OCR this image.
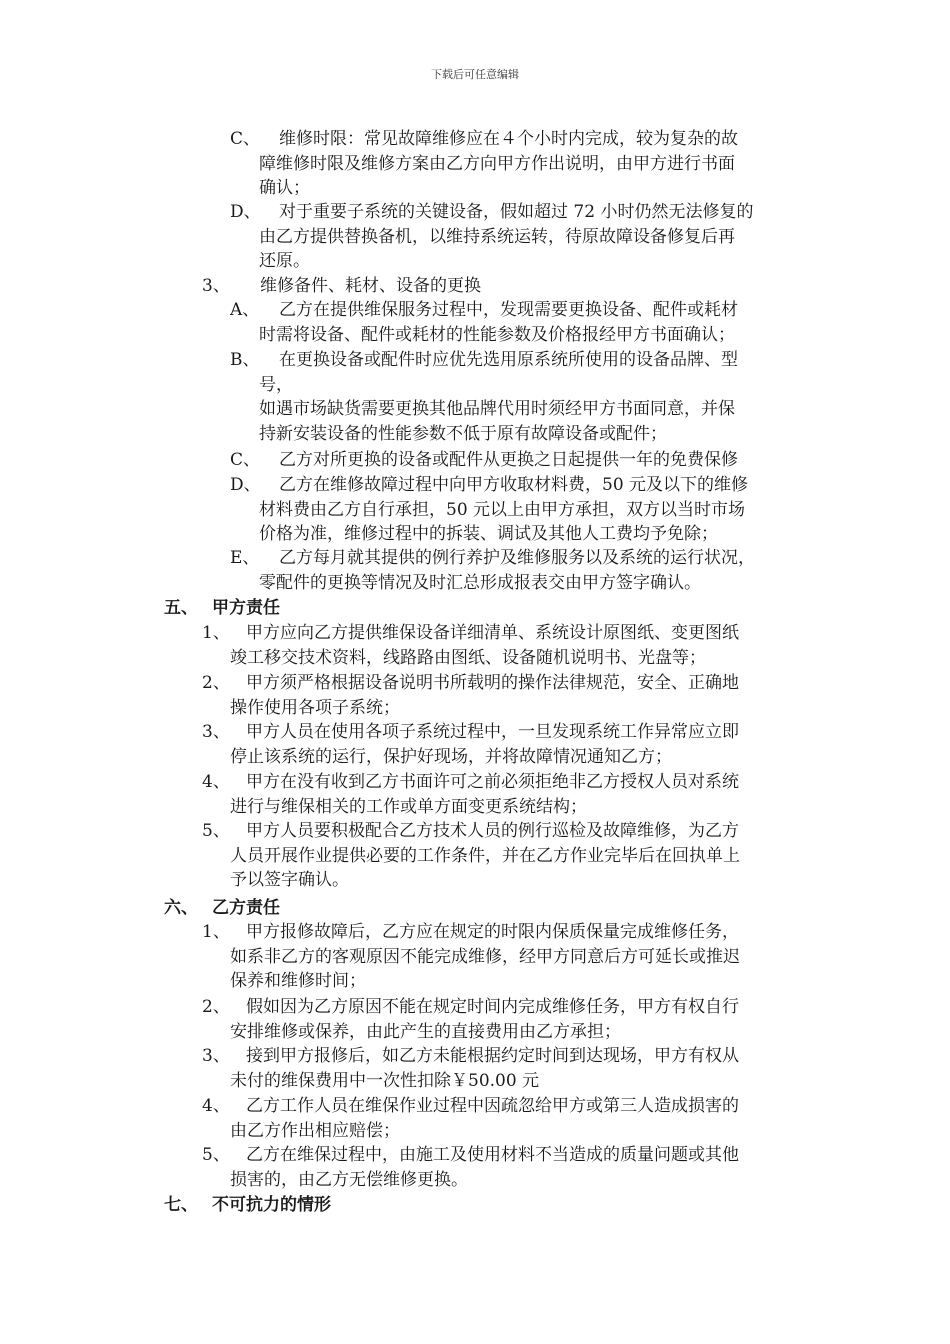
下载后可任意编辑
C、	维修时限：常见故障维修应在４个小时内完成，较为复杂的故
障维修时限及维修方案由乙方向甲方作出说明，由甲方进行书面
确认；
D、	对于重要子系统的关键设备，假如超过 72 小时仍然无法修复的
由乙方提供替换备机，以维持系统运转，待原故障设备修复后再
还原。
3、	维修备件、耗材、设备的更换
A、	乙方在提供维保服务过程中，发现需要更换设备、配件或耗材
时需将设备、配件或耗材的性能参数及价格报经甲方书面确认；
B、	在更换设备或配件时应优先选用原系统所使用的设备品牌、型
号，
如遇市场缺货需要更换其他品牌代用时须经甲方书面同意，并保
持新安装设备的性能参数不低于原有故障设备或配件；
C、	乙方对所更换的设备或配件从更换之日起提供一年的免费保修
D、	乙方在维修故障过程中向甲方收取材料费，50 元及以下的维修
材料费由乙方自行承担，50 元以上由甲方承担，双方以当时市场
价格为准，维修过程中的拆装、调试及其他人工费均予免除；
E、	乙方每月就其提供的例行养护及维修服务以及系统的运行状况，
零配件的更换等情况及时汇总形成报表交由甲方签字确认。
五、 甲方责任
1、 甲方应向乙方提供维保设备详细清单、系统设计原图纸、变更图纸
竣工移交技术资料，线路路由图纸、设备随机说明书、光盘等；
2、 甲方须严格根据设备说明书所载明的操作法律规范，安全、正确地
操作使用各项子系统；
3、 甲方人员在使用各项子系统过程中，一旦发现系统工作异常应立即
停止该系统的运行，保护好现场，并将故障情况通知乙方；
4、 甲方在没有收到乙方书面许可之前必须拒绝非乙方授权人员对系统
进行与维保相关的工作或单方面变更系统结构；
5、 甲方人员要积极配合乙方技术人员的例行巡检及故障维修，为乙方
人员开展作业提供必要的工作条件，并在乙方作业完毕后在回执单上
予以签字确认。
六、 乙方责任
1、 甲方报修故障后，乙方应在规定的时限内保质保量完成维修任务，
如系非乙方的客观原因不能完成维修，经甲方同意后方可延长或推迟
保养和维修时间；
2、 假如因为乙方原因不能在规定时间内完成维修任务，甲方有权自行
安排维修或保养，由此产生的直接费用由乙方承担；
3、 接到甲方报修后，如乙方未能根据约定时间到达现场，甲方有权从
未付的维保费用中一次性扣除￥50.00 元
4、 乙方工作人员在维保作业过程中因疏忽给甲方或第三人造成损害的
由乙方作出相应赔偿；
5、 乙方在维保过程中，由施工及使用材料不当造成的质量问题或其他
损害的，由乙方无偿维修更换。
七、 不可抗力的情形
